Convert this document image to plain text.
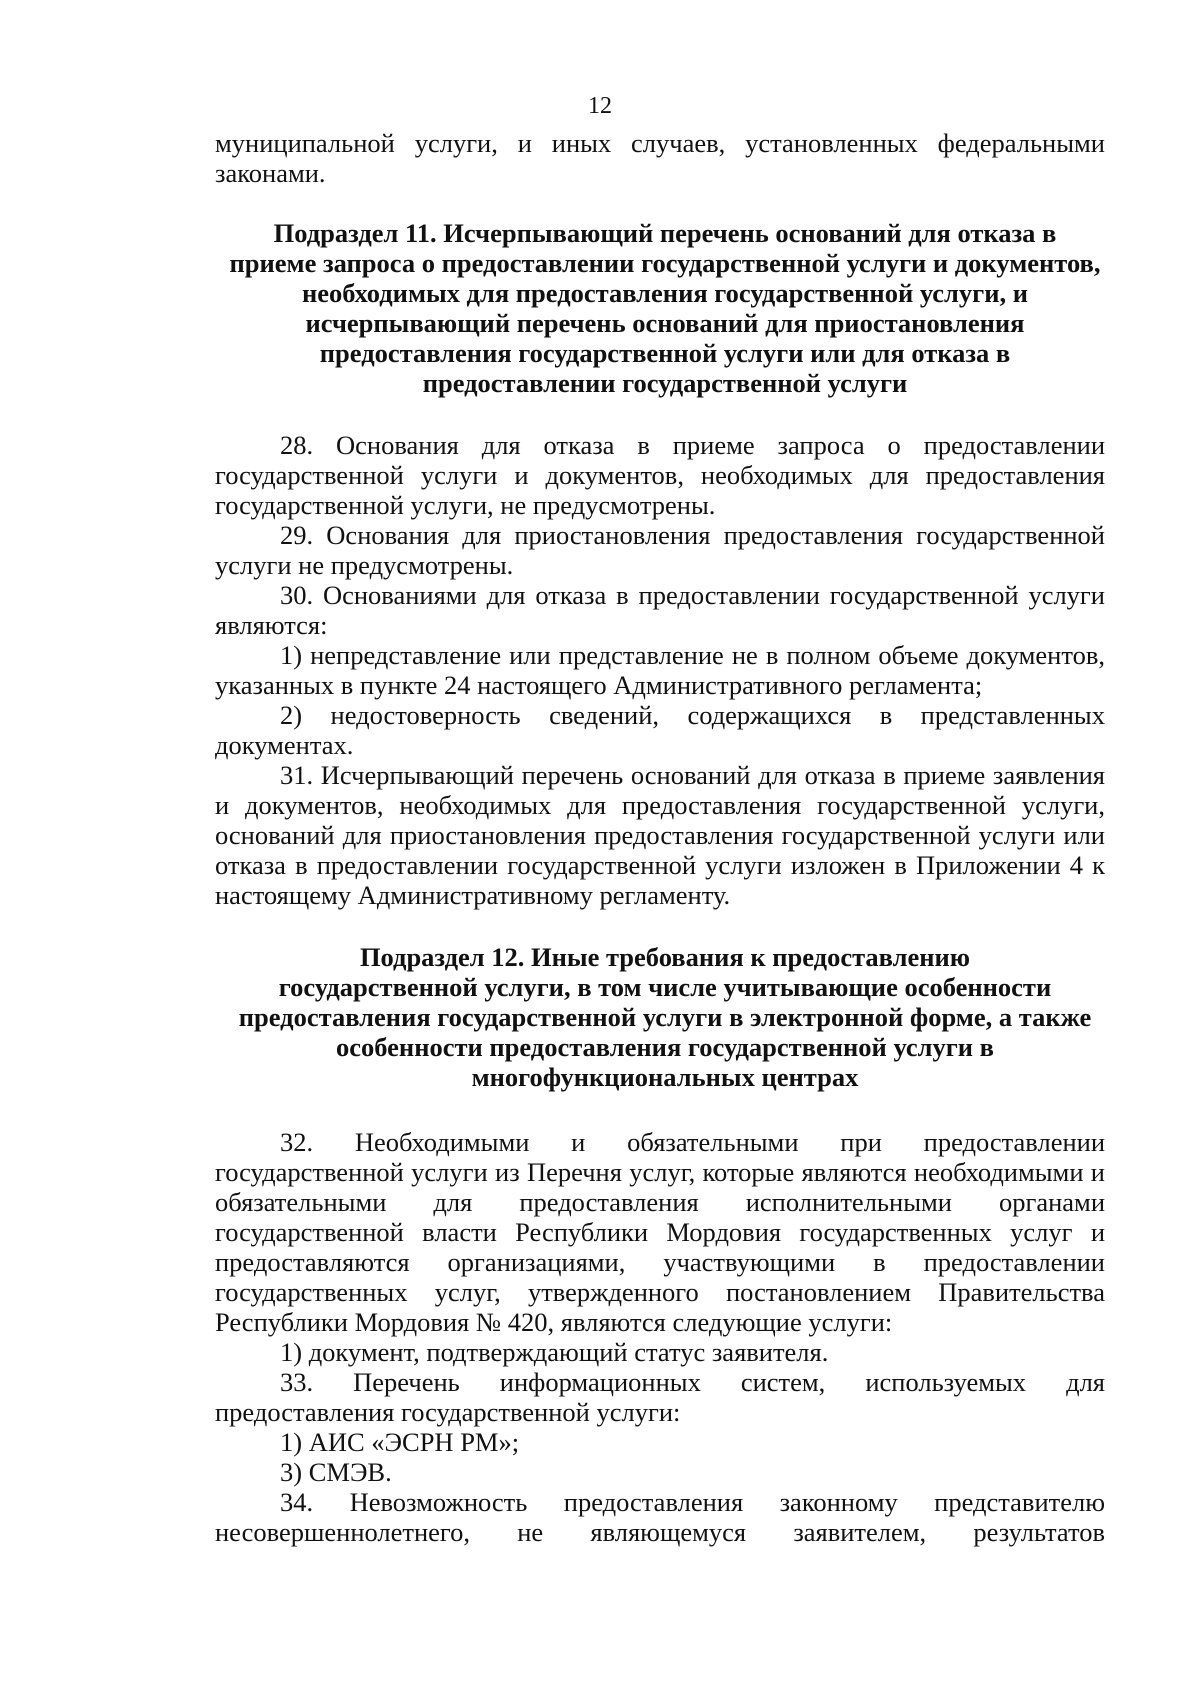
12

муниципальной услуги, и иных случаев, установленных федеральными законами.

Подраздел 11. Исчерпывающий перечень оснований для отказа в
приеме запроса о предоставлении государственной услуги и документов,
необходимых для предоставления государственной услуги, и
исчерпывающий перечень оснований для приостановления
предоставления государственной услуги или для отказа в
предоставлении государственной услуги

28. Основания для отказа в приеме запроса о предоставлении государственной услуги и документов, необходимых для предоставления государственной услуги, не предусмотрены.

29. Основания для приостановления предоставления государственной услуги не предусмотрены.

30. Основаниями для отказа в предоставлении государственной услуги являются:

1) непредставление или представление не в полном объеме документов, указанных в пункте 24 настоящего Административного регламента;

2) недостоверность сведений, содержащихся в представленных документах.

31. Исчерпывающий перечень оснований для отказа в приеме заявления и документов, необходимых для предоставления государственной услуги, оснований для приостановления предоставления государственной услуги или отказа в предоставлении государственной услуги изложен в Приложении 4 к настоящему Административному регламенту.

Подраздел 12. Иные требования к предоставлению
государственной услуги, в том числе учитывающие особенности
предоставления государственной услуги в электронной форме, а также
особенности предоставления государственной услуги в
многофункциональных центрах

32. Необходимыми и обязательными при предоставлении государственной услуги из Перечня услуг, которые являются необходимыми и обязательными для предоставления исполнительными органами государственной власти Республики Мордовия государственных услуг и предоставляются организациями, участвующими в предоставлении государственных услуг, утвержденного постановлением Правительства Республики Мордовия № 420, являются следующие услуги:

1) документ, подтверждающий статус заявителя.

33. Перечень информационных систем, используемых для предоставления государственной услуги:

1) АИС «ЭСРН РМ»;

3) СМЭВ.

34. Невозможность предоставления законному представителю несовершеннолетнего, не являющемуся заявителем, результатов
